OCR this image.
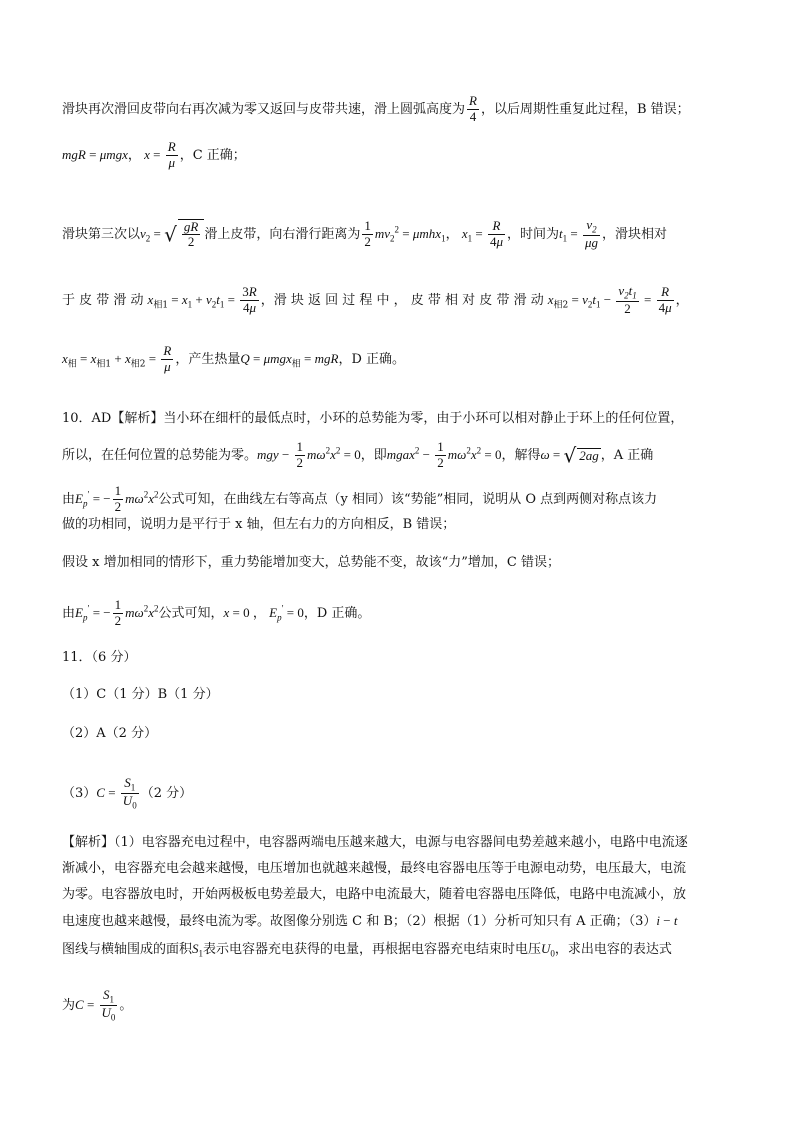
滑块再次滑回皮带向右再次减为零又返回与皮带共速，滑上圆弧高度为 $\frac{R}{4}$ ，以后周期性重复此过程，B 错误；
mgR = μmgx， $x = \frac{R}{\mu}$ ，C 正确；
滑块第三次以$v_2$ = √ $\frac{gR}{2}$ 滑上皮带，向右滑行距离为 $\frac{1}{2} mv_2^2 = \mu mhx_1$， $x_1 = \frac{R}{4\mu}$ ，时间为$t_1 = \frac{v_2}{\mu g}$ ，滑块相对
于 皮 带 滑 动 $x_{相1} = x_1 + v_2t_1 = \frac{3R}{4\mu}$ ，滑 块 返 回 过 程 中 ， 皮 带 相 对 皮 带 滑 动 $x_{相2} = v_2t_1 - \frac{v_2t_1}{2} = \frac{R}{4\mu}$ ，
$x_相 = x_{相1} + x_{相2} = \frac{R}{\mu}$ ，产生热量Q = μmgx$_相$ = mgR，D 正确。
10．AD【解析】当小环在细杆的最低点时，小环的总势能为零，由于小环可以相对静止于环上的任何位置，
所以，在任何位置的总势能为零。mgy − $\frac{1}{2} m\omega^2x^2 = 0$，即mgax$^2$ − $\frac{1}{2} m\omega^2x^2 = 0$，解得ω = √ 2ag ，A 正确
由$E_p'$ = − $\frac{1}{2} m\omega^2x^2$公式可知，在曲线左右等高点（y 相同）该“势能”相同，说明从 O 点到两侧对称点该力
做的功相同，说明力是平行于 x 轴，但左右力的方向相反，B 错误；
假设 x 增加相同的情形下，重力势能增加变大，总势能不变，故该“力”增加，C 错误；
由$E_p'$ = − $\frac{1}{2} m\omega^2x^2$公式可知，x = 0 ， $E_p' = 0$，D 正确。
11．（6 分）
（1）C（1 分）B（1 分）
（2）A（2 分）
$(3)C = \frac{S_1}{U_0} (2$ 分）
【解析】（1）电容器充电过程中，电容器两端电压越来越大，电源与电容器间电势差越来越小，电路中电流逐
渐减小，电容器充电会越来越慢，电压增加也就越来越慢，最终电容器电压等于电源电动势，电压最大，电流
为零。电容器放电时，开始两极板电势差最大，电路中电流最大，随着电容器电压降低，电路中电流减小，放
电速度也越来越慢，最终电流为零。故图像分别选 C 和 B；（2）根据（1）分析可知只有 A 正确；（3）i − t
图线与横轴围成的面积$S_1$表示电容器充电获得的电量，再根据电容器充电结束时电压$U_0$，求出电容的表达式
为$C = \frac{S_1}{U_0}$ 。
